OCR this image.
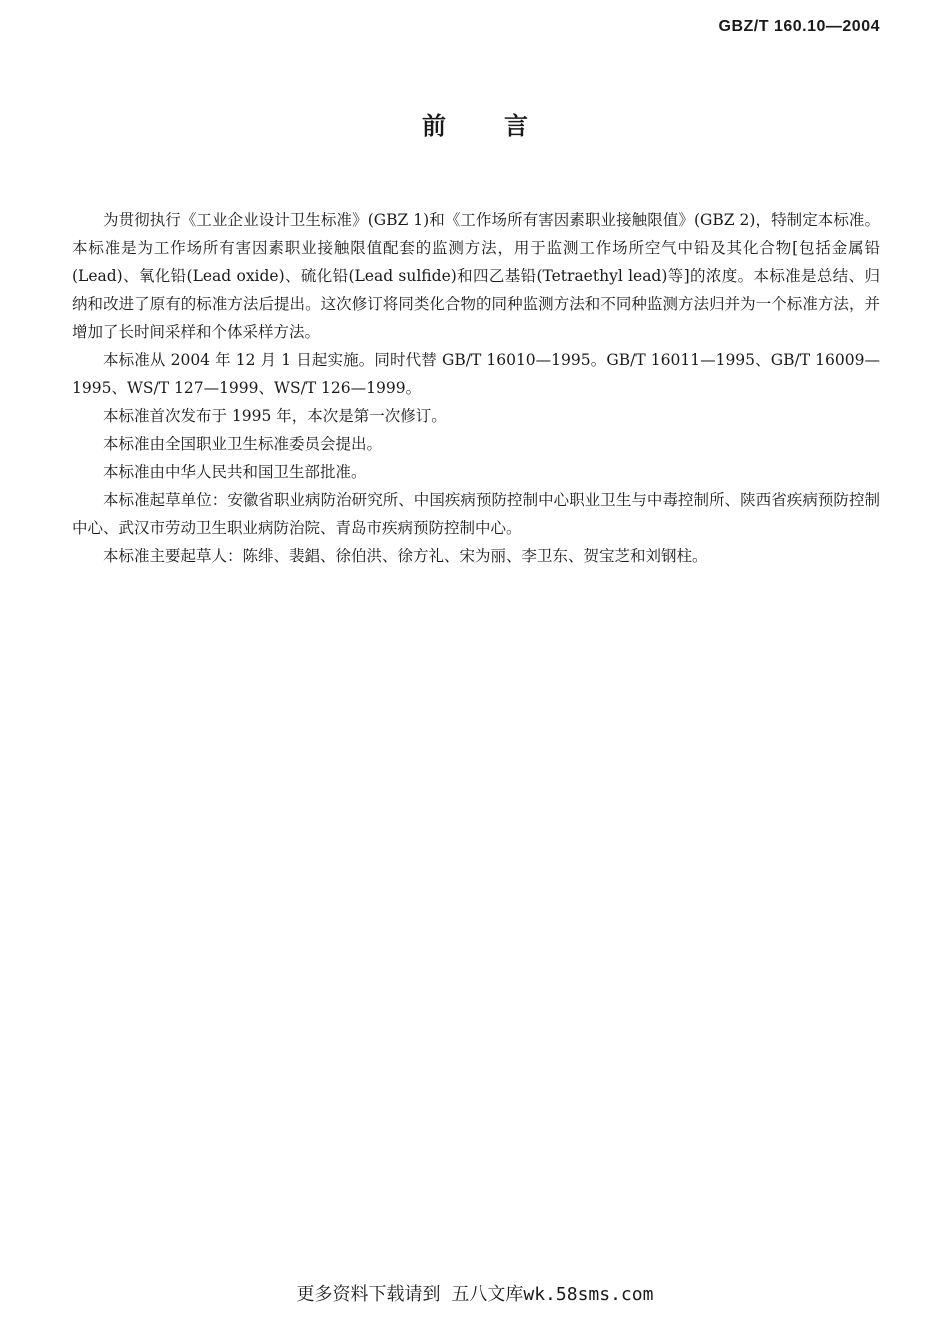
GBZ/T 160.10—2004
前言

为贯彻执行《工业企业设计卫生标准》(GBZ 1)和《工作场所有害因素职业接触限值》(GBZ 2)，特制定本标准。本标准是为工作场所有害因素职业接触限值配套的监测方法，用于监测工作场所空气中铅及其化合物[包括金属铅(Lead)、氧化铅(Lead oxide)、硫化铅(Lead sulfide)和四乙基铅(Tetraethyl lead)等]的浓度。本标准是总结、归纳和改进了原有的标准方法后提出。这次修订将同类化合物的同种监测方法和不同种监测方法归并为一个标准方法，并增加了长时间采样和个体采样方法。

本标准从 2004 年 12 月 1 日起实施。同时代替 GB/T 16010—1995。GB/T 16011—1995、GB/T 16009—1995、WS/T 127—1999、WS/T 126—1999。

本标准首次发布于 1995 年，本次是第一次修订。

本标准由全国职业卫生标准委员会提出。

本标准由中华人民共和国卫生部批准。

本标准起草单位：安徽省职业病防治研究所、中国疾病预防控制中心职业卫生与中毒控制所、陕西省疾病预防控制中心、武汉市劳动卫生职业病防治院、青岛市疾病预防控制中心。

本标准主要起草人：陈绯、裴錩、徐伯洪、徐方礼、宋为丽、李卫东、贺宝芝和刘钢柱。

更多资料下载请到 五八文库wk.58sms.com
